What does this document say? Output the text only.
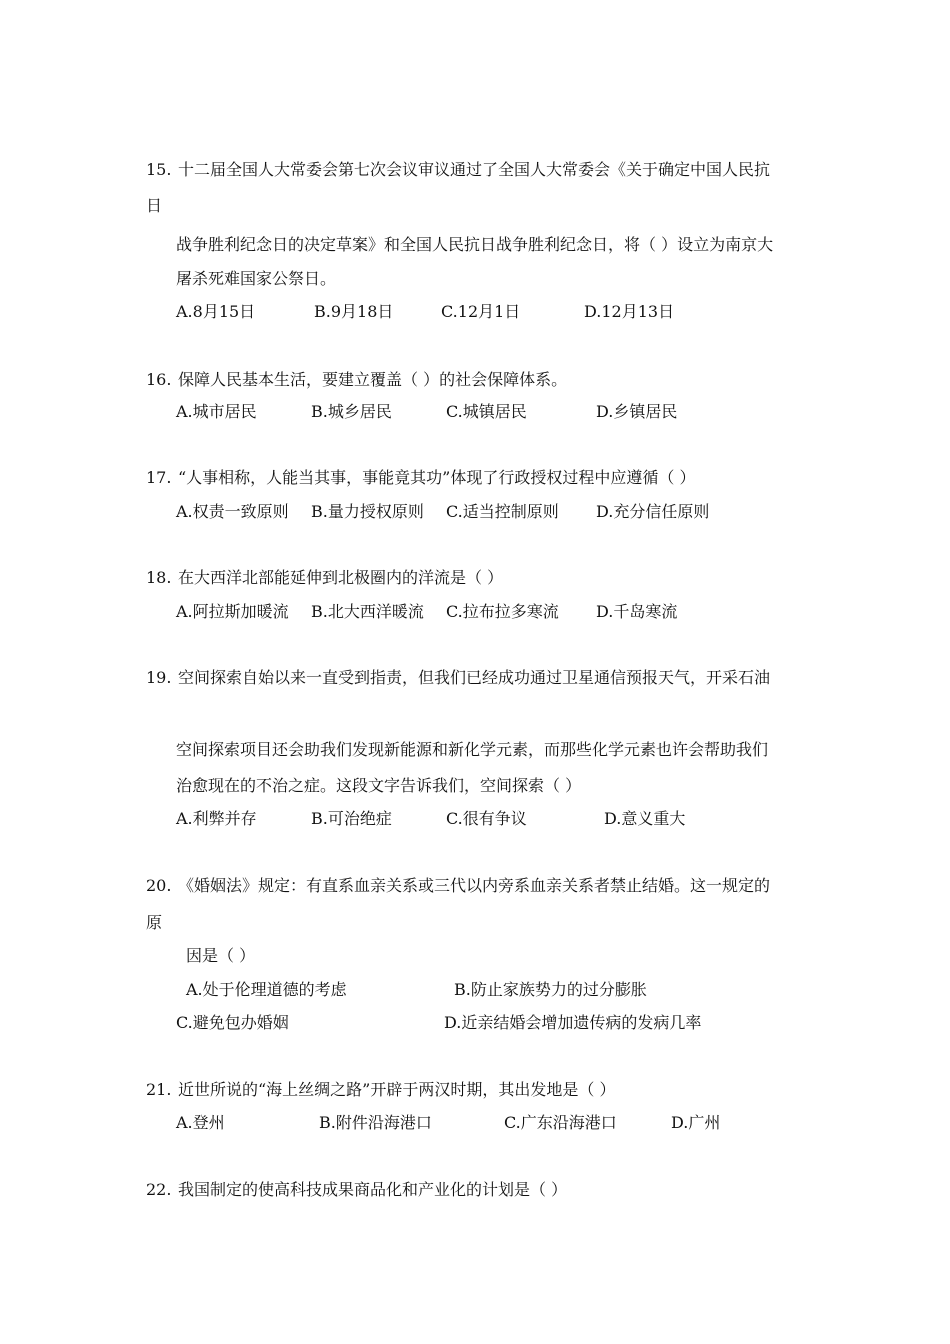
15. 十二届全国人大常委会第七次会议审议通过了全国人大常委会《关于确定中国人民抗
日
战争胜利纪念日的决定草案》和全国人民抗日战争胜利纪念日，将（ ）设立为南京大
屠杀死难国家公祭日。
A.8月15日	B.9月18日	C.12月1日	D.12月13日
16. 保障人民基本生活，要建立覆盖（ ）的社会保障体系。
A.城市居民	B.城乡居民	C.城镇居民	D.乡镇居民
17. “人事相称，人能当其事，事能竟其功”体现了行政授权过程中应遵循（ ）
A.权责一致原则 B.量力授权原则 C.适当控制原则 D.充分信任原则
18. 在大西洋北部能延伸到北极圈内的洋流是（ ）
A.阿拉斯加暖流 B.北大西洋暖流 C.拉布拉多寒流 D.千岛寒流
19. 空间探索自始以来一直受到指责，但我们已经成功通过卫星通信预报天气，开采石油
空间探索项目还会助我们发现新能源和新化学元素，而那些化学元素也许会帮助我们
治愈现在的不治之症。这段文字告诉我们，空间探索（ ）
A.利弊并存	B.可治绝症	C.很有争议	D.意义重大
20. 《婚姻法》规定：有直系血亲关系或三代以内旁系血亲关系者禁止结婚。这一规定的
原
因是（ ）
A.处于伦理道德的考虑	B.防止家族势力的过分膨胀
C.避免包办婚姻	D.近亲结婚会增加遗传病的发病几率
21. 近世所说的“海上丝绸之路”开辟于两汉时期，其出发地是（ ）
A.登州	B.附件沿海港口	C.广东沿海港口	D.广州
22. 我国制定的使高科技成果商品化和产业化的计划是（ ）
